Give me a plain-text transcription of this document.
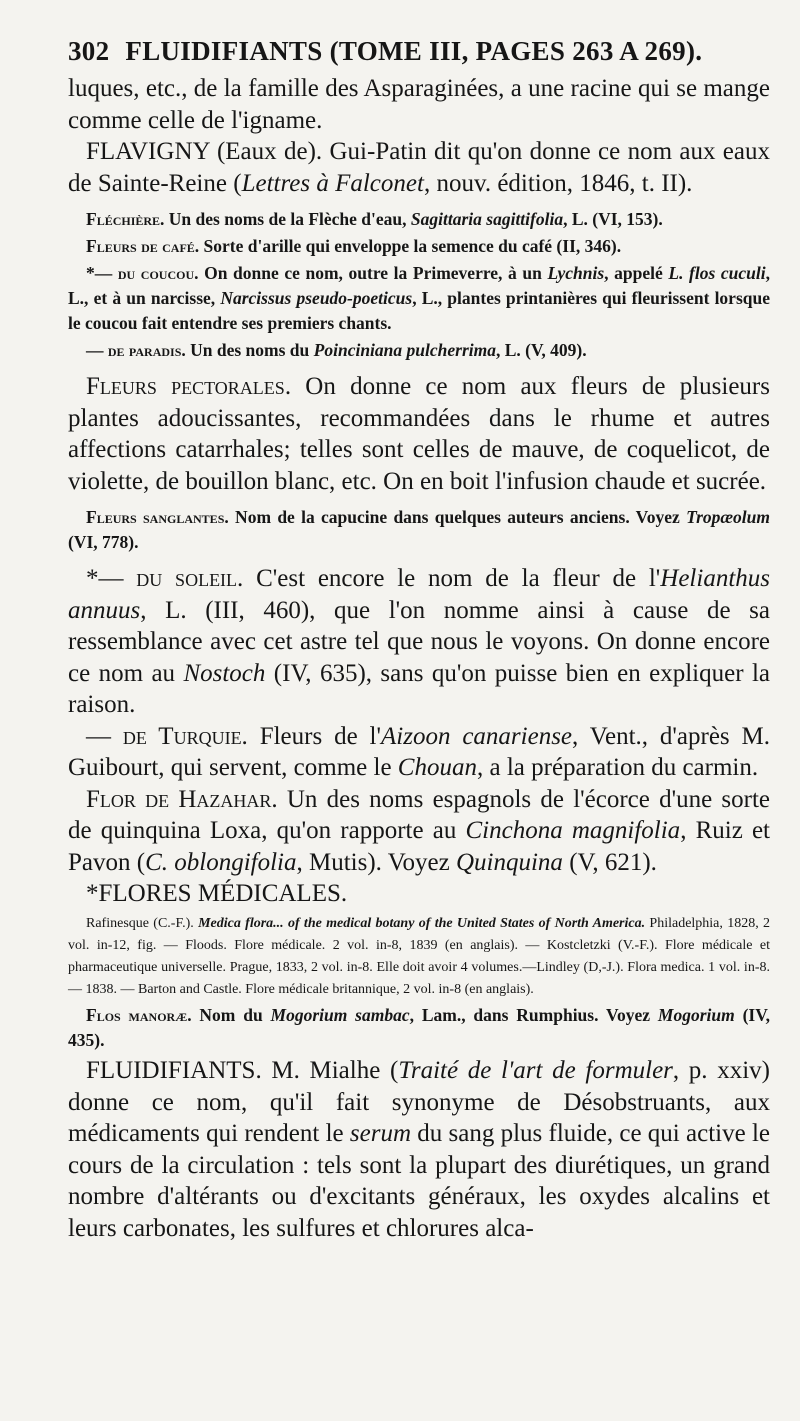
302 FLUIDIFIANTS (TOME III, PAGES 263 A 269).

luques, etc., de la famille des Asparaginées, a une racine qui se mange comme celle de l'igname.

FLAVIGNY (Eaux de). Gui-Patin dit qu'on donne ce nom aux eaux de Sainte-Reine (Lettres à Falconet, nouv. édition, 1846, t. II).

Fléchière. Un des noms de la Flèche d'eau, Sagittaria sagittifolia, L. (VI, 153).

Fleurs de café. Sorte d'arille qui enveloppe la semence du café (II, 346).

*— du coucou. On donne ce nom, outre la Primeverre, à un Lychnis, appelé L. flos cuculi, L., et à un narcisse, Narcissus pseudo-poeticus, L., plantes printanières qui fleurissent lorsque le coucou fait entendre ses premiers chants.

— de paradis. Un des noms du Poinciniana pulcherrima, L. (V, 409).

Fleurs pectorales. On donne ce nom aux fleurs de plusieurs plantes adoucissantes, recommandées dans le rhume et autres affections catarrhales; telles sont celles de mauve, de coquelicot, de violette, de bouillon blanc, etc. On en boit l'infusion chaude et sucrée.

Fleurs sanglantes. Nom de la capucine dans quelques auteurs anciens. Voyez Tropæolum (VI, 778).

*— du soleil. C'est encore le nom de la fleur de l'Helianthus annuus, L. (III, 460), que l'on nomme ainsi à cause de sa ressemblance avec cet astre tel que nous le voyons. On donne encore ce nom au Nostoch (IV, 635), sans qu'on puisse bien en expliquer la raison.

— de Turquie. Fleurs de l'Aizoon canariense, Vent., d'après M. Guibourt, qui servent, comme le Chouan, a la préparation du carmin.

Flor de Hazahar. Un des noms espagnols de l'écorce d'une sorte de quinquina Loxa, qu'on rapporte au Cinchona magnifolia, Ruiz et Pavon (C. oblongifolia, Mutis). Voyez Quinquina (V, 621).

*FLORES MÉDICALES.

Rafinesque (C.-F.). Medica flora... of the medical botany of the United States of North America. Philadelphia, 1828, 2 vol. in-12, fig. — Floods. Flore médicale. 2 vol. in-8, 1839 (en anglais). — Kostcletzki (V.-F.). Flore médicale et pharmaceutique universelle. Prague, 1833, 2 vol. in-8. Elle doit avoir 4 volumes.—Lindley (D,-J.). Flora medica. 1 vol. in-8. — 1838. — Barton and Castle. Flore médicale britannique, 2 vol. in-8 (en anglais).

Flos manoræ. Nom du Mogorium sambac, Lam., dans Rumphius. Voyez Mogorium (IV, 435).

FLUIDIFIANTS. M. Mialhe (Traité de l'art de formuler, p. xxiv) donne ce nom, qu'il fait synonyme de Désobstruants, aux médicaments qui rendent le serum du sang plus fluide, ce qui active le cours de la circulation : tels sont la plupart des diurétiques, un grand nombre d'altérants ou d'excitants généraux, les oxydes alcalins et leurs carbonates, les sulfures et chlorures alca-
